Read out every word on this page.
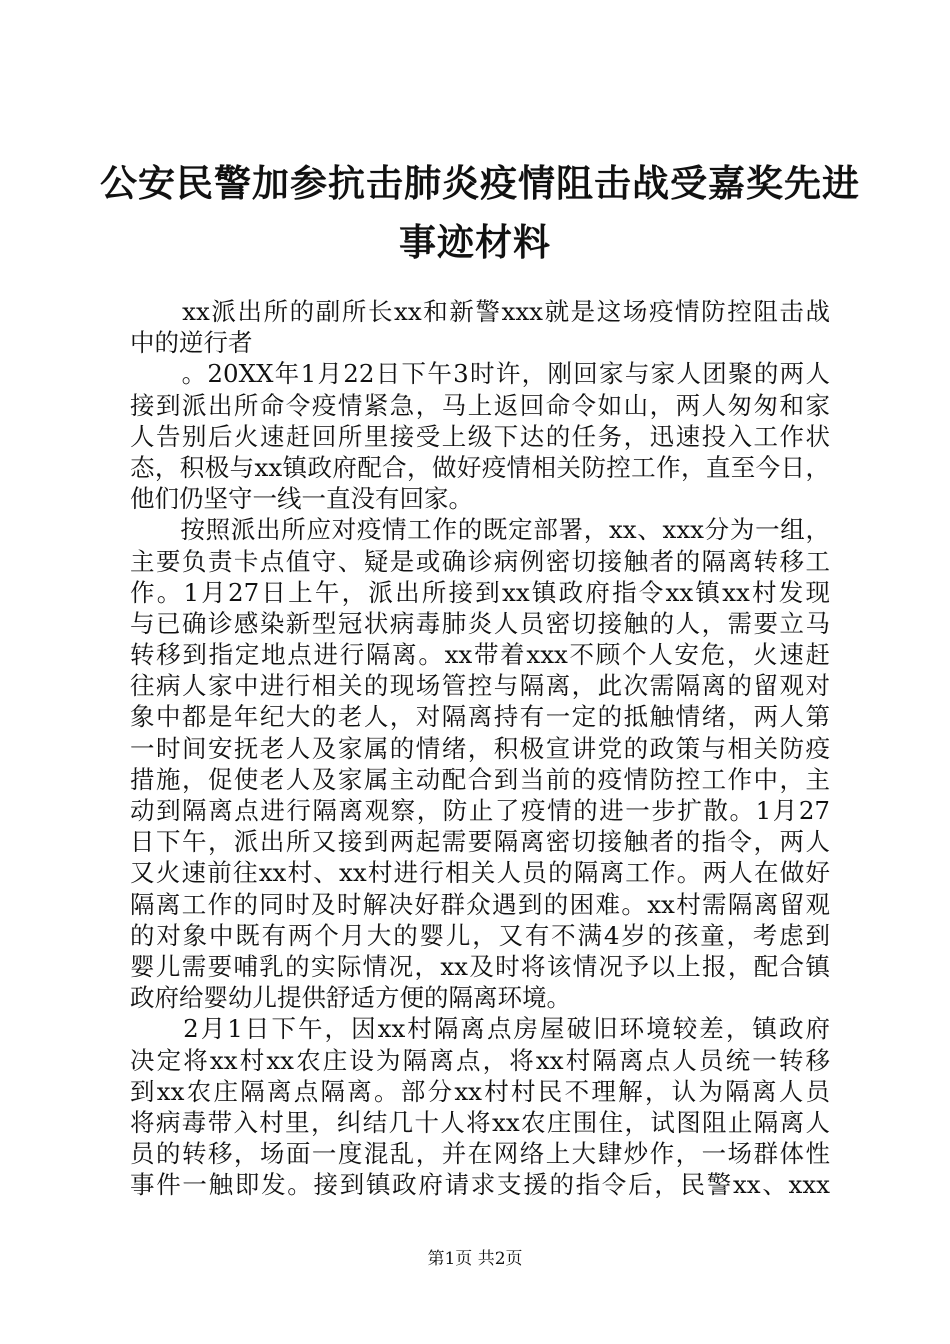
公安民警加参抗击肺炎疫情阻击战受嘉奖先进
事迹材料
　　xx派出所的副所长xx和新警xxx就是这场疫情防控阻击战
中的逆行者
　　。20XX年1月22日下午3时许，刚回家与家人团聚的两人
接到派出所命令疫情紧急，马上返回命令如山，两人匆匆和家
人告别后火速赶回所里接受上级下达的任务，迅速投入工作状
态，积极与xx镇政府配合，做好疫情相关防控工作，直至今日，
他们仍坚守一线一直没有回家。
　　按照派出所应对疫情工作的既定部署，xx、xxx分为一组，
主要负责卡点值守、疑是或确诊病例密切接触者的隔离转移工
作。1月27日上午，派出所接到xx镇政府指令xx镇xx村发现
与已确诊感染新型冠状病毒肺炎人员密切接触的人，需要立马
转移到指定地点进行隔离。xx带着xxx不顾个人安危，火速赶
往病人家中进行相关的现场管控与隔离，此次需隔离的留观对
象中都是年纪大的老人，对隔离持有一定的抵触情绪，两人第
一时间安抚老人及家属的情绪，积极宣讲党的政策与相关防疫
措施，促使老人及家属主动配合到当前的疫情防控工作中，主
动到隔离点进行隔离观察，防止了疫情的进一步扩散。1月27
日下午，派出所又接到两起需要隔离密切接触者的指令，两人
又火速前往xx村、xx村进行相关人员的隔离工作。两人在做好
隔离工作的同时及时解决好群众遇到的困难。xx村需隔离留观
的对象中既有两个月大的婴儿，又有不满4岁的孩童，考虑到
婴儿需要哺乳的实际情况，xx及时将该情况予以上报，配合镇
政府给婴幼儿提供舒适方便的隔离环境。
　　2月1日下午，因xx村隔离点房屋破旧环境较差，镇政府
决定将xx村xx农庄设为隔离点，将xx村隔离点人员统一转移
到xx农庄隔离点隔离。部分xx村村民不理解，认为隔离人员
将病毒带入村里，纠结几十人将xx农庄围住，试图阻止隔离人
员的转移，场面一度混乱，并在网络上大肆炒作，一场群体性
事件一触即发。接到镇政府请求支援的指令后，民警xx、xxx
第1页 共2页
